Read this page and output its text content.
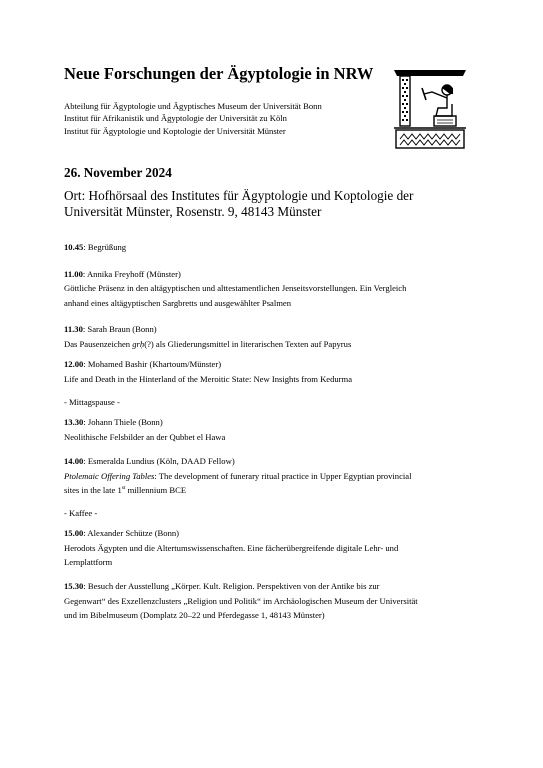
Neue Forschungen der Ägyptologie in NRW
Abteilung für Ägyptologie und Ägyptisches Museum der Universität Bonn
Institut für Afrikanistik und Ägyptologie der Universität zu Köln
Institut für Ägyptologie und Koptologie der Universität Münster
26. November 2024
Ort: Hofhörsaal des Institutes für Ägyptologie und Koptologie der
Universität Münster, Rosenstr. 9, 48143 Münster

10.45: Begrüßung

11.00: Annika Freyhoff (Münster)

Göttliche Präsenz in den altägyptischen und alttestamentlichen Jenseitsvorstellungen. Ein Vergleich

anhand eines altägyptischen Sargbretts und ausgewählter Psalmen

11.30: Sarah Braun (Bonn)

Das Pausenzeichen grḥ(?) als Gliederungsmittel in literarischen Texten auf Papyrus

12.00: Mohamed Bashir (Khartoum/Münster)

Life and Death in the Hinterland of the Meroitic State: New Insights from Kedurma

- Mittagspause -

13.30: Johann Thiele (Bonn)

Neolithische Felsbilder an der Qubbet el Hawa

14.00: Esmeralda Lundius (Köln, DAAD Fellow)

Ptolemaic Offering Tables: The development of funerary ritual practice in Upper Egyptian provincial

sites in the late 1st millennium BCE

- Kaffee -

15.00: Alexander Schütze (Bonn)

Herodots Ägypten und die Altertumswissenschaften. Eine fächerübergreifende digitale Lehr- und

Lernplattform

15.30: Besuch der Ausstellung „Körper. Kult. Religion. Perspektiven von der Antike bis zur

Gegenwart“ des Exzellenzclusters „Religion und Politik“ im Archäologischen Museum der Universität

und im Bibelmuseum (Domplatz 20–22 und Pferdegasse 1, 48143 Münster)
